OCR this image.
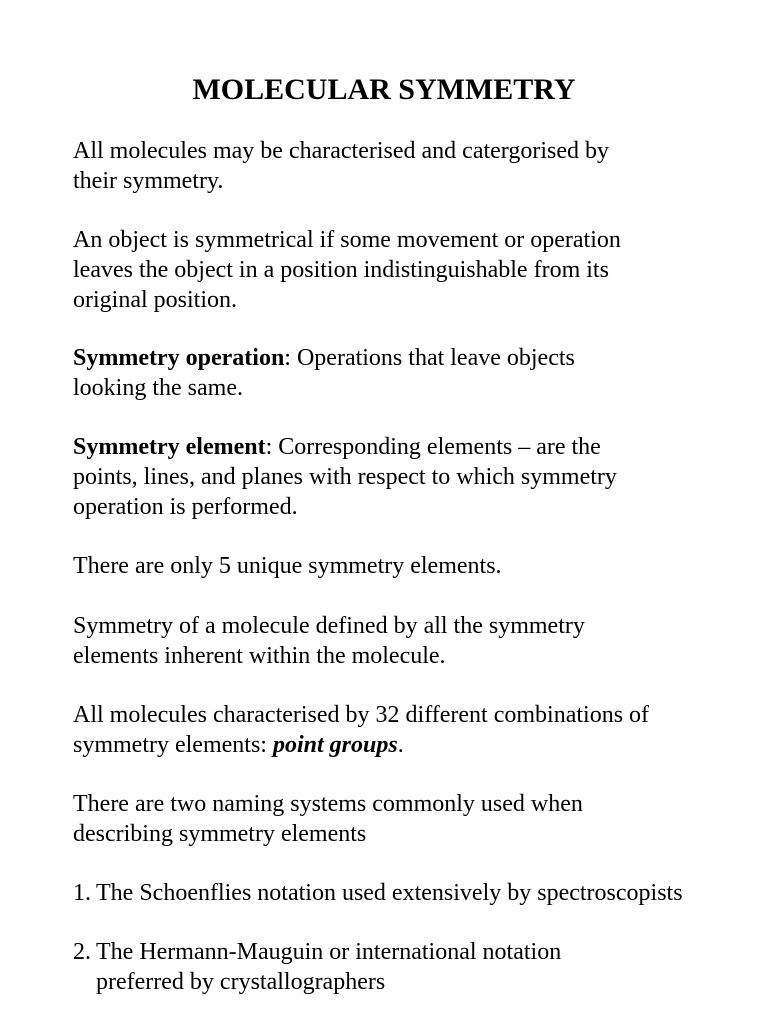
MOLECULAR SYMMETRY

All molecules may be characterised and catergorised by
their symmetry.

An object is symmetrical if some movement or operation
leaves the object in a position indistinguishable from its
original position.

Symmetry operation: Operations that leave objects
looking the same.

Symmetry element: Corresponding elements – are the
points, lines, and planes with respect to which symmetry
operation is performed.

There are only 5 unique symmetry elements.

Symmetry of a molecule defined by all the symmetry
elements inherent within the molecule.

All molecules characterised by 32 different combinations of
symmetry elements: point groups.

There are two naming systems commonly used when
describing symmetry elements

1. The Schoenflies notation used extensively by spectroscopists
2. The Hermann-Mauguin or international notation
preferred by crystallographers
